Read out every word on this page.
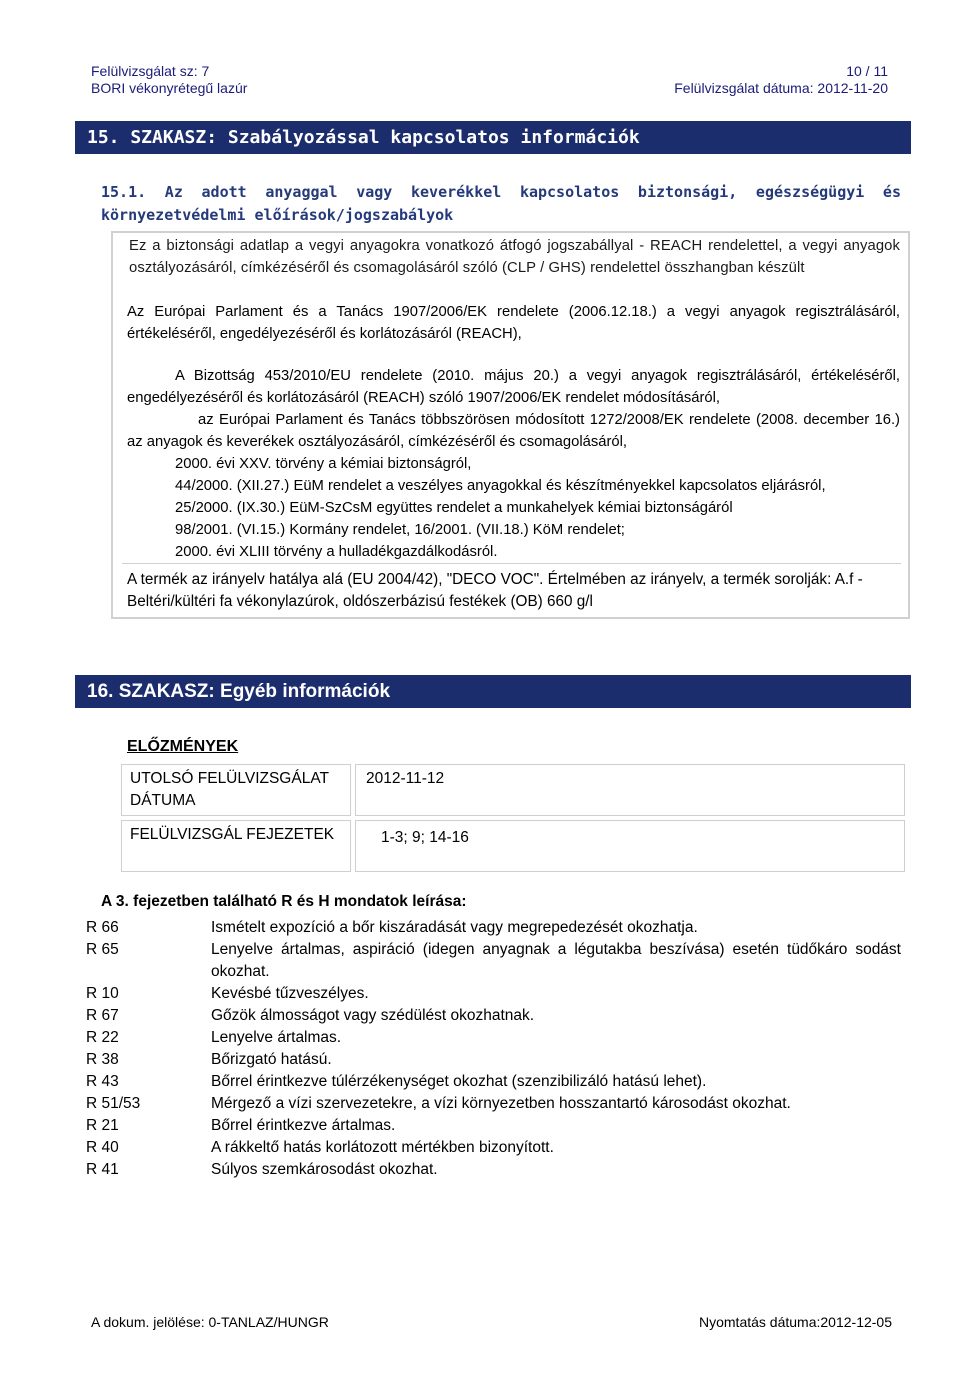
Felülvizsgálat sz: 7	10 / 11
BORI vékonyrétegű lazúr	Felülvizsgálat dátuma: 2012-11-20
15. SZAKASZ: Szabályozással kapcsolatos információk
15.1. Az adott anyaggal vagy keverékkel kapcsolatos biztonsági, egészségügyi és környezetvédelmi előírások/jogszabályok
Ez a biztonsági adatlap a vegyi anyagokra vonatkozó átfogó jogszabállyal - REACH rendelettel, a vegyi anyagok osztályozásáról, címkézéséről és csomagolásáról szóló (CLP / GHS) rendelettel összhangban készült
Az Európai Parlament és a Tanács 1907/2006/EK rendelete (2006.12.18.) a vegyi anyagok regisztrálásáról, értékeléséről, engedélyezéséről és korlátozásáról (REACH),
A Bizottság 453/2010/EU rendelete (2010. május 20.) a vegyi anyagok regisztrálásáról, értékeléséről, engedélyezéséről és korlátozásáról (REACH) szóló 1907/2006/EK rendelet módosításáról,
az Európai Parlament és Tanács többszörösen módosított 1272/2008/EK rendelete (2008. december 16.) az anyagok és keverékek osztályozásáról, címkézéséről és csomagolásáról,
2000. évi XXV. törvény a kémiai biztonságról,
44/2000. (XII.27.) EüM rendelet a veszélyes anyagokkal és készítményekkel kapcsolatos eljárásról,
25/2000. (IX.30.) EüM-SzCsM együttes rendelet a munkahelyek kémiai biztonságáról
98/2001. (VI.15.) Kormány rendelet, 16/2001. (VII.18.) KöM rendelet;
2000. évi XLIII törvény a hulladékgazdálkodásról.
A termék az irányelv hatálya alá (EU 2004/42), "DECO VOC". Értelmében az irányelv, a termék sorolják: A.f -
Beltéri/kültéri fa vékonylazúrok, oldószerbázisú festékek (OB) 660 g/l
16. SZAKASZ: Egyéb információk
ELŐZMÉNYEK
UTOLSÓ FELÜLVIZSGÁLAT DÁTUMA	2012-11-12
FELÜLVIZSGÁL FEJEZETEK	1-3; 9; 14-16
A 3. fejezetben található R és H mondatok leírása:
R 66	Ismételt expozíció a bőr kiszáradását vagy megrepedezését okozhatja.
R 65	Lenyelve ártalmas, aspiráció (idegen anyagnak a légutakba beszívása) esetén tüdőkáro sodást okozhat.
R 10	Kevésbé tűzveszélyes.
R 67	Gőzök álmosságot vagy szédülést okozhatnak.
R 22	Lenyelve ártalmas.
R 38	Bőrizgató hatású.
R 43	Bőrrel érintkezve túlérzékenységet okozhat (szenzibilizáló hatású lehet).
R 51/53	Mérgező a vízi szervezetekre, a vízi környezetben hosszantartó károsodást okozhat.
R 21	Bőrrel érintkezve ártalmas.
R 40	A rákkeltő hatás korlátozott mértékben bizonyított.
R 41	Súlyos szemkárosodást okozhat.
A dokum. jelölése: 0-TANLAZ/HUNGR	Nyomtatás dátuma:2012-12-05
